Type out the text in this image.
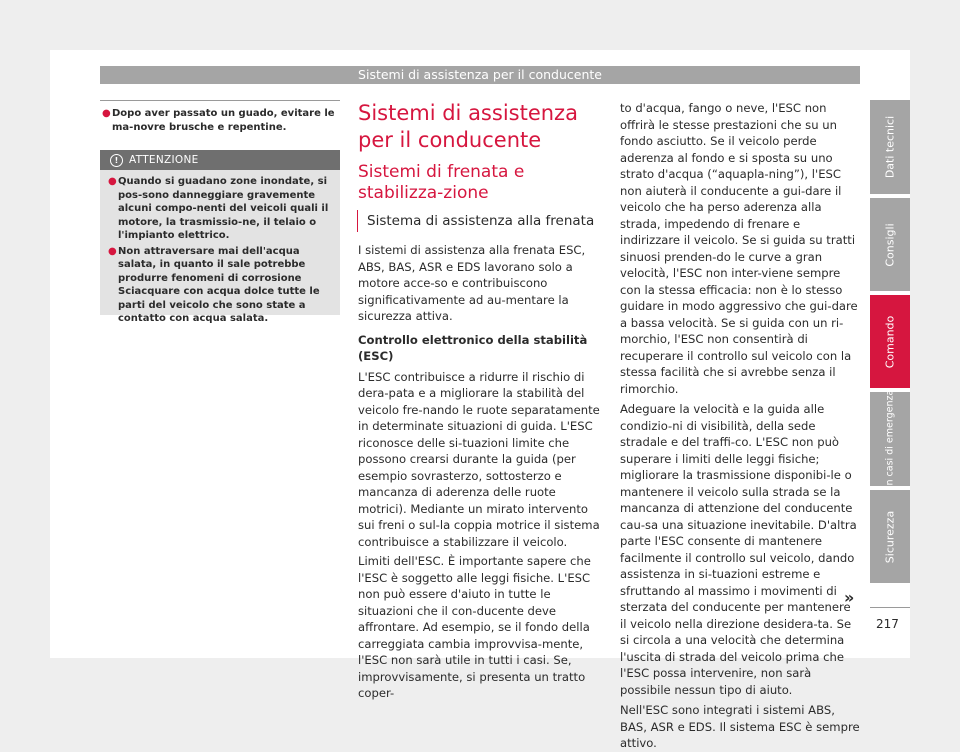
Sistemi di assistenza per il conducente

● Dopo aver passato un guado, evitare le ma-novre brusche e repentine.

!	ATTENZIONE
● Quando si guadano zone inondate, si pos-sono danneggiare gravemente alcuni compo-nenti del veicoli quali il motore, la trasmissio-ne, il telaio o l'impianto elettrico.
● Non attraversare mai dell'acqua salata, in quanto il sale potrebbe produrre fenomeni di corrosione Sciacquare con acqua dolce tutte le parti del veicolo che sono state a contatto con acqua salata.
Sistemi di assistenza per il conducente
Sistemi di frenata e stabilizza-zione
Sistema di assistenza alla frenata

I sistemi di assistenza alla frenata ESC, ABS, BAS, ASR e EDS lavorano solo a motore acce-so e contribuiscono significativamente ad au-mentare la sicurezza attiva.

Controllo elettronico della stabilità (ESC)

L'ESC contribuisce a ridurre il rischio di dera-pata e a migliorare la stabilità del veicolo fre-nando le ruote separatamente in determinate situazioni di guida. L'ESC riconosce delle si-tuazioni limite che possono crearsi durante la guida (per esempio sovrasterzo, sottosterzo e mancanza di aderenza delle ruote motrici). Mediante un mirato intervento sui freni o sul-la coppia motrice il sistema contribuisce a stabilizzare il veicolo.

Limiti dell'ESC. È importante sapere che l'ESC è soggetto alle leggi fisiche. L'ESC non può essere d'aiuto in tutte le situazioni che il con-ducente deve affrontare. Ad esempio, se il fondo della carreggiata cambia improvvisa-mente, l'ESC non sarà utile in tutti i casi. Se, improvvisamente, si presenta un tratto coper-

to d'acqua, fango o neve, l'ESC non offrirà le stesse prestazioni che su un fondo asciutto. Se il veicolo perde aderenza al fondo e si sposta su uno strato d'acqua (“aquapla-ning”), l'ESC non aiuterà il conducente a gui-dare il veicolo che ha perso aderenza alla strada, impedendo di frenare e indirizzare il veicolo. Se si guida su tratti sinuosi prenden-do le curve a gran velocità, l'ESC non inter-viene sempre con la stessa efficacia: non è lo stesso guidare in modo aggressivo che gui-dare a bassa velocità. Se si guida con un ri-morchio, l'ESC non consentirà di recuperare il controllo sul veicolo con la stessa facilità che si avrebbe senza il rimorchio.

Adeguare la velocità e la guida alle condizio-ni di visibilità, della sede stradale e del traffi-co. L'ESC non può superare i limiti delle leggi fisiche; migliorare la trasmissione disponibi-le o mantenere il veicolo sulla strada se la mancanza di attenzione del conducente cau-sa una situazione inevitabile. D'altra parte l'ESC consente di mantenere facilmente il controllo sul veicolo, dando assistenza in si-tuazioni estreme e sfruttando al massimo i movimenti di sterzata del conducente per mantenere il veicolo nella direzione desidera-ta. Se si circola a una velocità che determina l'uscita di strada del veicolo prima che l'ESC possa intervenire, non sarà possibile nessun tipo di aiuto.

Nell'ESC sono integrati i sistemi ABS, BAS, ASR e EDS. Il sistema ESC è sempre attivo.

»
Dati tecnici
Consigli
Comando
In casi di emergenza
Sicurezza
217
